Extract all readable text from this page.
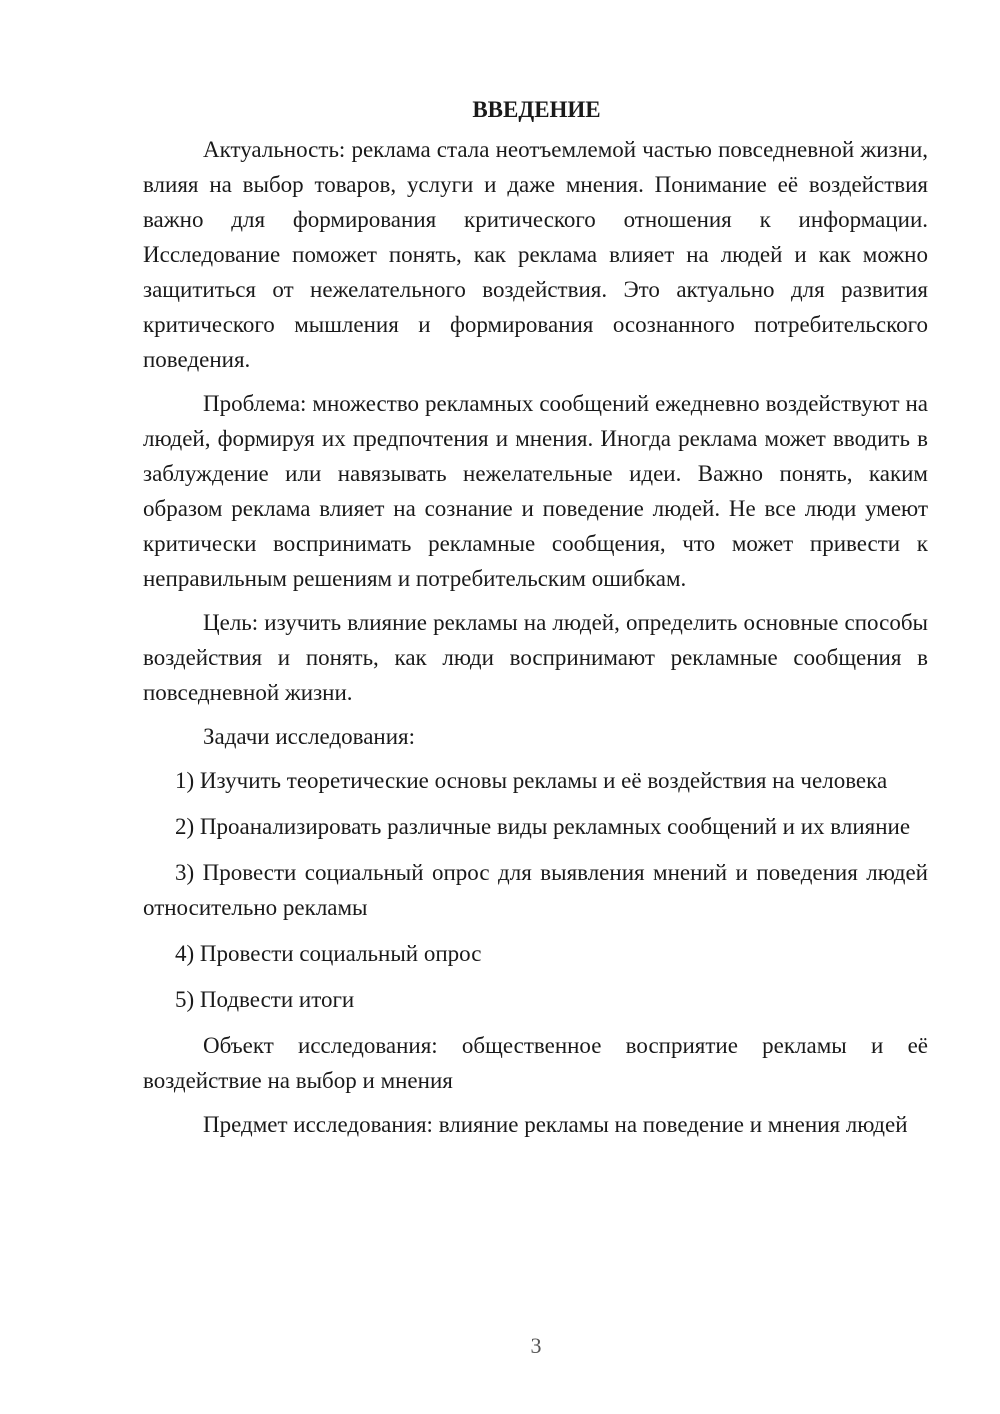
ВВЕДЕНИЕ

Актуальность: реклама стала неотъемлемой частью повседневной жизни, влияя на выбор товаров, услуги и даже мнения. Понимание её воздействия важно для формирования критического отношения к информации. Исследование поможет понять, как реклама влияет на людей и как можно защититься от нежелательного воздействия. Это актуально для развития критического мышления и формирования осознанного потребительского поведения.

Проблема: множество рекламных сообщений ежедневно воздействуют на людей, формируя их предпочтения и мнения. Иногда реклама может вводить в заблуждение или навязывать нежелательные идеи. Важно понять, каким образом реклама влияет на сознание и поведение людей. Не все люди умеют критически воспринимать рекламные сообщения, что может привести к неправильным решениям и потребительским ошибкам.

Цель: изучить влияние рекламы на людей, определить основные способы воздействия и понять, как люди воспринимают рекламные сообщения в повседневной жизни.

Задачи исследования:

1) Изучить теоретические основы рекламы и её воздействия на человека

2) Проанализировать различные виды рекламных сообщений и их влияние

3) Провести социальный опрос для выявления мнений и поведения людей относительно рекламы

4) Провести социальный опрос

5) Подвести итоги

Объект исследования: общественное восприятие рекламы и её воздействие на выбор и мнения

Предмет исследования: влияние рекламы на поведение и мнения людей

3
